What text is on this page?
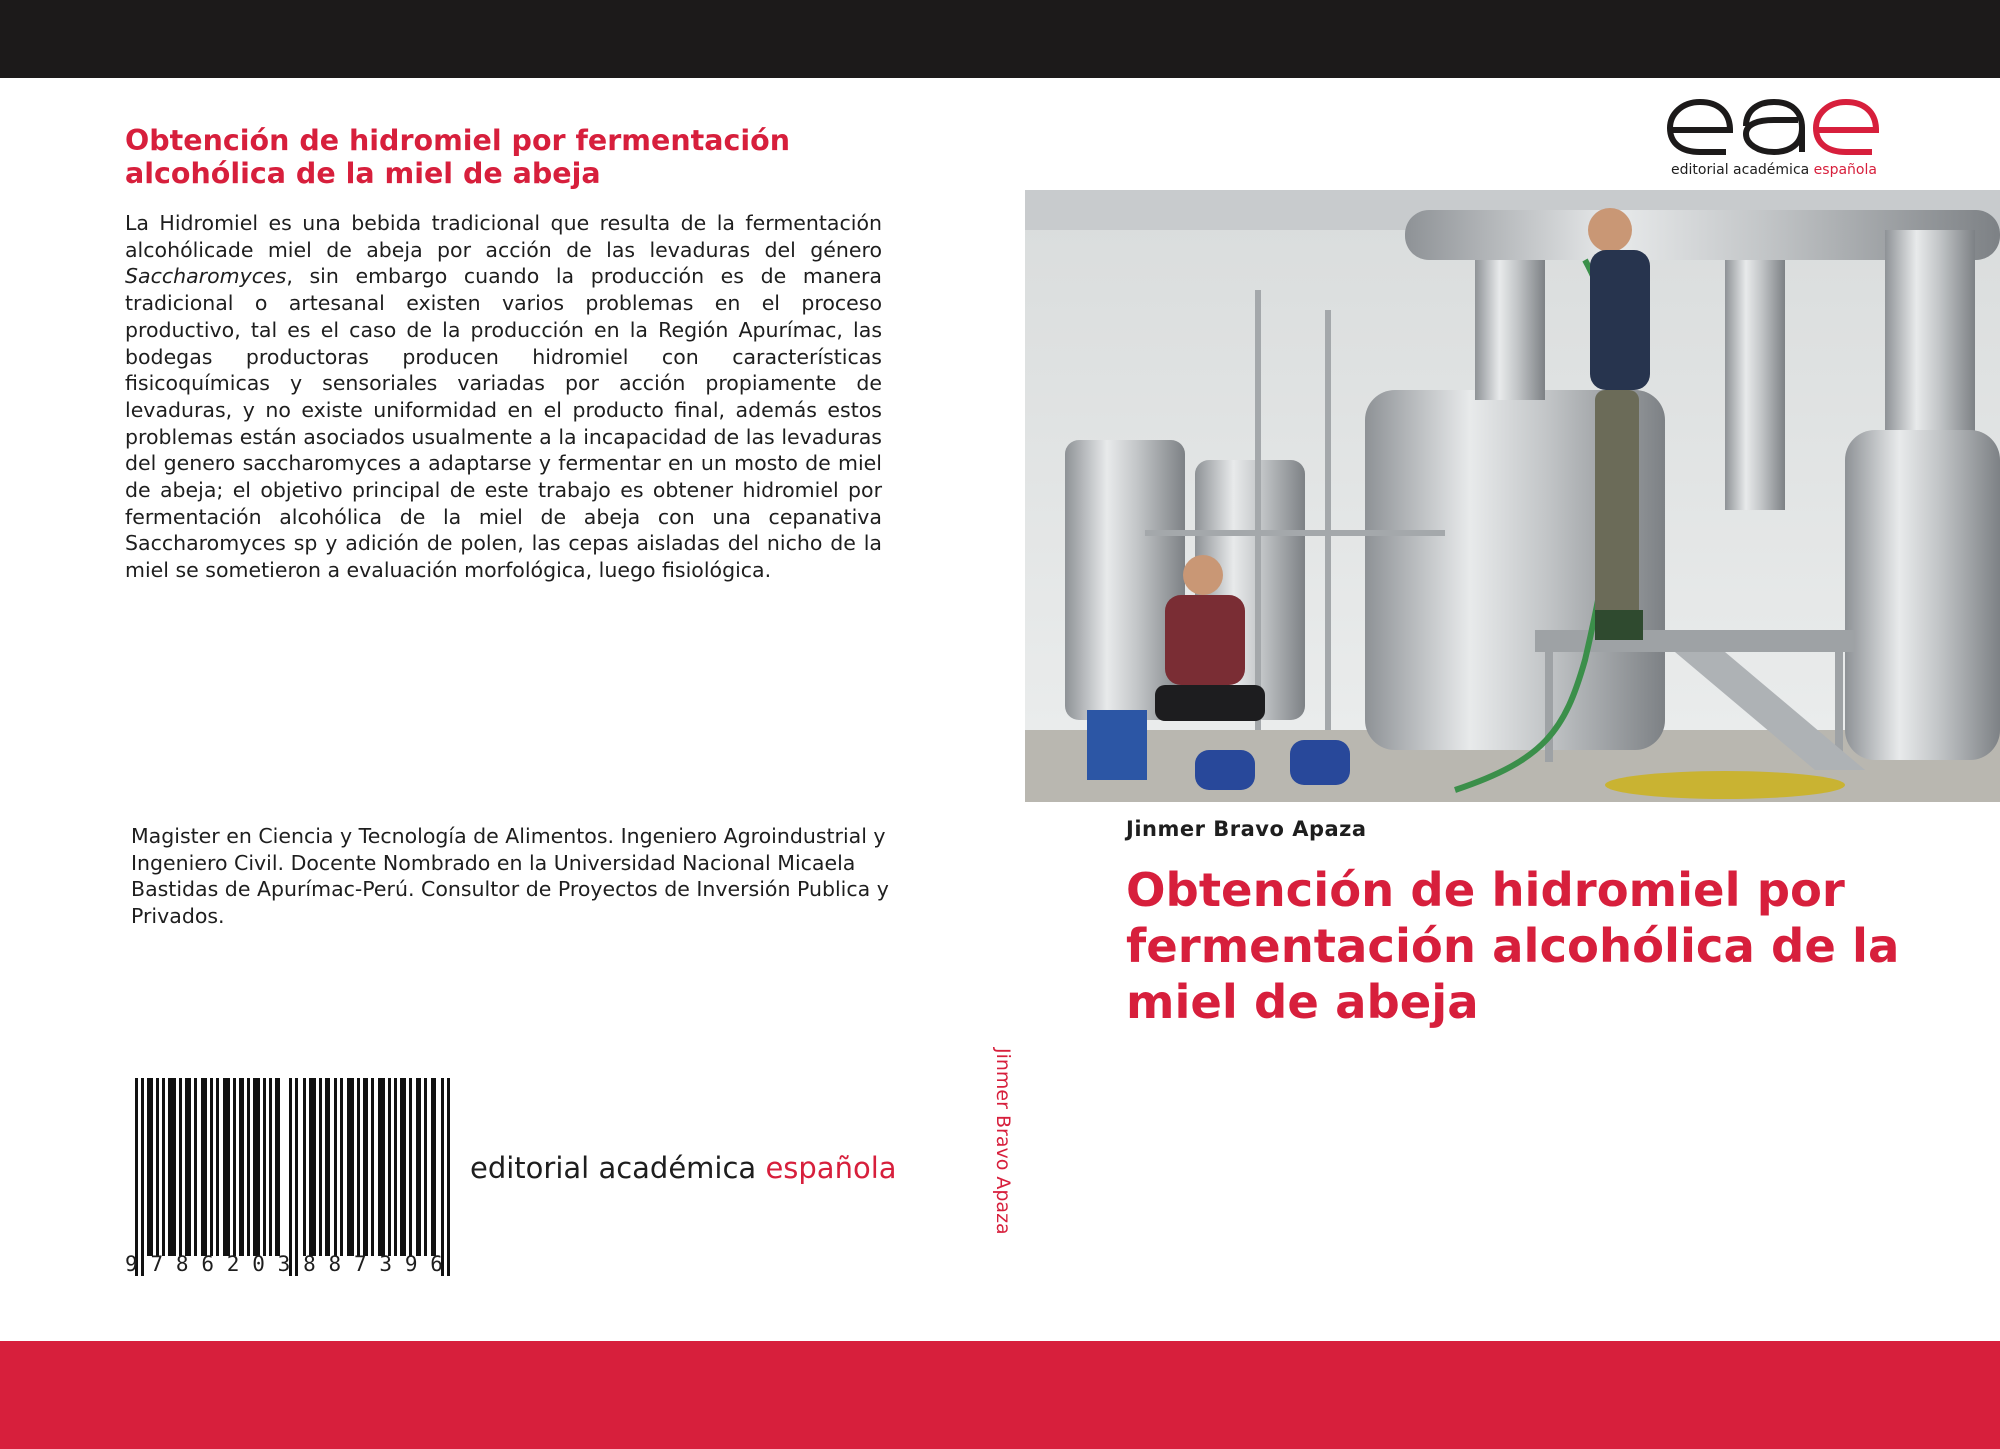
Obtención de hidromiel por fermentación alcohólica de la miel de abeja

La Hidromiel es una bebida tradicional que resulta de la fermentación alcohólicade miel de abeja por acción de las levaduras del género Saccharomyces, sin embargo cuando la producción es de manera tradicional o artesanal existen varios problemas en el proceso productivo, tal es el caso de la producción en la Región Apurímac, las bodegas productoras producen hidromiel con características fisicoquímicas y sensoriales variadas por acción propiamente de levaduras, y no existe uniformidad en el producto final, además estos problemas están asociados usualmente a la incapacidad de las levaduras del genero saccharomyces a adaptarse y fermentar en un mosto de miel de abeja; el objetivo principal de este trabajo es obtener hidromiel por fermentación alcohólica de la miel de abeja con una cepanativa Saccharomyces sp y adición de polen, las cepas aisladas del nicho de la miel se sometieron a evaluación morfológica, luego fisiológica.

Magister en Ciencia y Tecnología de Alimentos. Ingeniero Agroindustrial y Ingeniero Civil. Docente Nombrado en la Universidad Nacional Micaela Bastidas de Apurímac-Perú. Consultor de Proyectos de Inversión Publica y Privados.

9 7 8 6 2 0 3 8 8 7 3 9 6
editorial académica española	Jinmer Bravo Apaza
editorial académica española
Jinmer Bravo Apaza
Obtención de hidromiel por fermentación alcohólica de la miel de abeja
